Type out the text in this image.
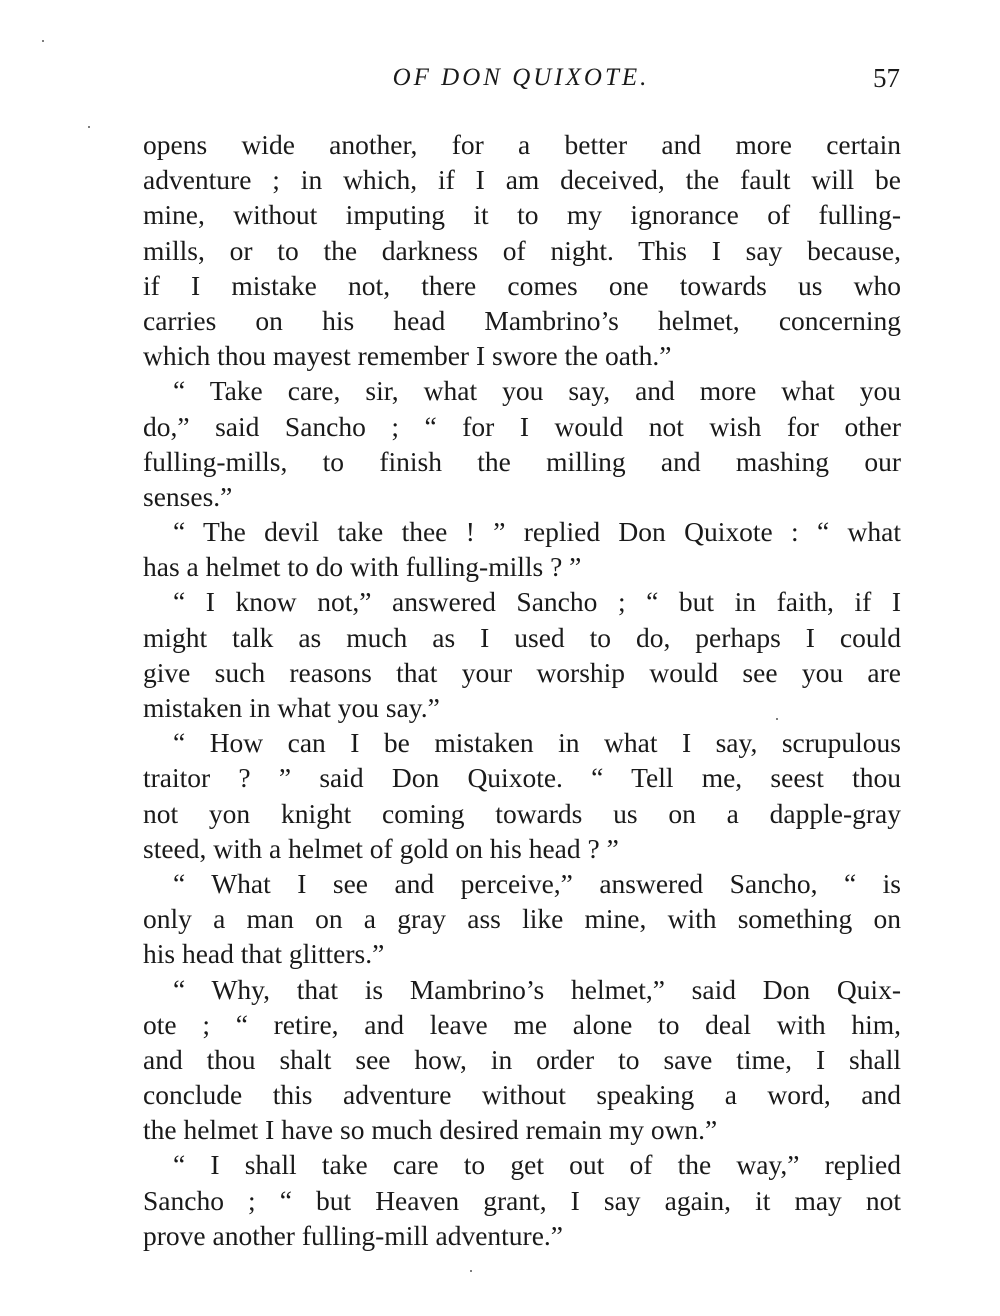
OF DON QUIXOTE.	57
opens wide another, for a better and more certain
adventure ; in which, if I am deceived, the fault will be
mine, without imputing it to my ignorance of fulling-
mills, or to the darkness of night. This I say because,
if I mistake not, there comes one towards us who
carries on his head Mambrino’s helmet, concerning
which thou mayest remember I swore the oath.”
“ Take care, sir, what you say, and more what you
do,” said Sancho ; “ for I would not wish for other
fulling-mills, to finish the milling and mashing our
senses.”
“ The devil take thee ! ” replied Don Quixote : “ what
has a helmet to do with fulling-mills ? ”
“ I know not,” answered Sancho ; “ but in faith, if I
might talk as much as I used to do, perhaps I could
give such reasons that your worship would see you are
mistaken in what you say.”
“ How can I be mistaken in what I say, scrupulous
traitor ? ” said Don Quixote. “ Tell me, seest thou
not yon knight coming towards us on a dapple-gray
steed, with a helmet of gold on his head ? ”
“ What I see and perceive,” answered Sancho, “ is
only a man on a gray ass like mine, with something on
his head that glitters.”
“ Why, that is Mambrino’s helmet,” said Don Quix-
ote ; “ retire, and leave me alone to deal with him,
and thou shalt see how, in order to save time, I shall
conclude this adventure without speaking a word, and
the helmet I have so much desired remain my own.”
“ I shall take care to get out of the way,” replied
Sancho ; “ but Heaven grant, I say again, it may not
prove another fulling-mill adventure.”
